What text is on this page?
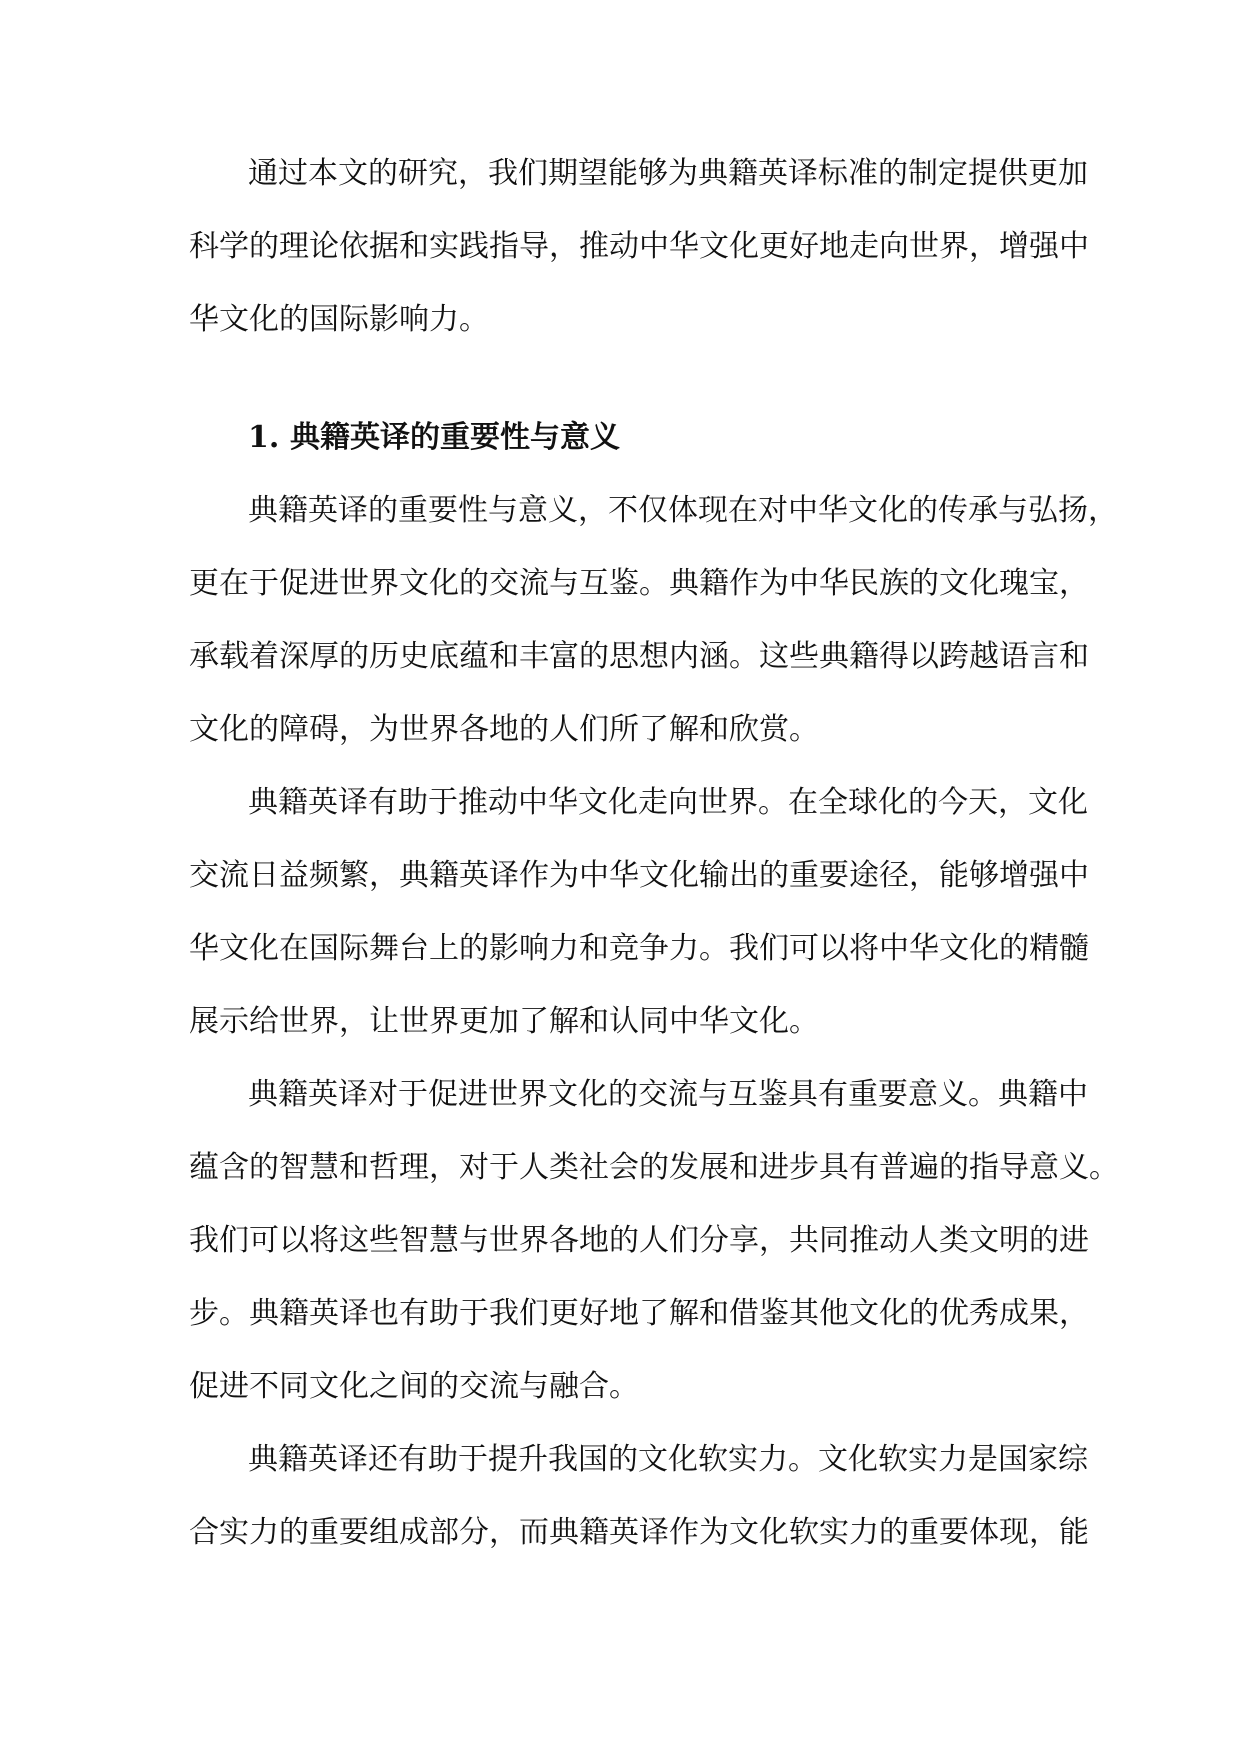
通过本文的研究，我们期望能够为典籍英译标准的制定提供更加
科学的理论依据和实践指导，推动中华文化更好地走向世界，增强中
华文化的国际影响力。
1. 典籍英译的重要性与意义
典籍英译的重要性与意义，不仅体现在对中华文化的传承与弘扬，
更在于促进世界文化的交流与互鉴。典籍作为中华民族的文化瑰宝，
承载着深厚的历史底蕴和丰富的思想内涵。这些典籍得以跨越语言和
文化的障碍，为世界各地的人们所了解和欣赏。
典籍英译有助于推动中华文化走向世界。在全球化的今天，文化
交流日益频繁，典籍英译作为中华文化输出的重要途径，能够增强中
华文化在国际舞台上的影响力和竞争力。我们可以将中华文化的精髓
展示给世界，让世界更加了解和认同中华文化。
典籍英译对于促进世界文化的交流与互鉴具有重要意义。典籍中
蕴含的智慧和哲理，对于人类社会的发展和进步具有普遍的指导意义。
我们可以将这些智慧与世界各地的人们分享，共同推动人类文明的进
步。典籍英译也有助于我们更好地了解和借鉴其他文化的优秀成果，
促进不同文化之间的交流与融合。
典籍英译还有助于提升我国的文化软实力。文化软实力是国家综
合实力的重要组成部分，而典籍英译作为文化软实力的重要体现，能
